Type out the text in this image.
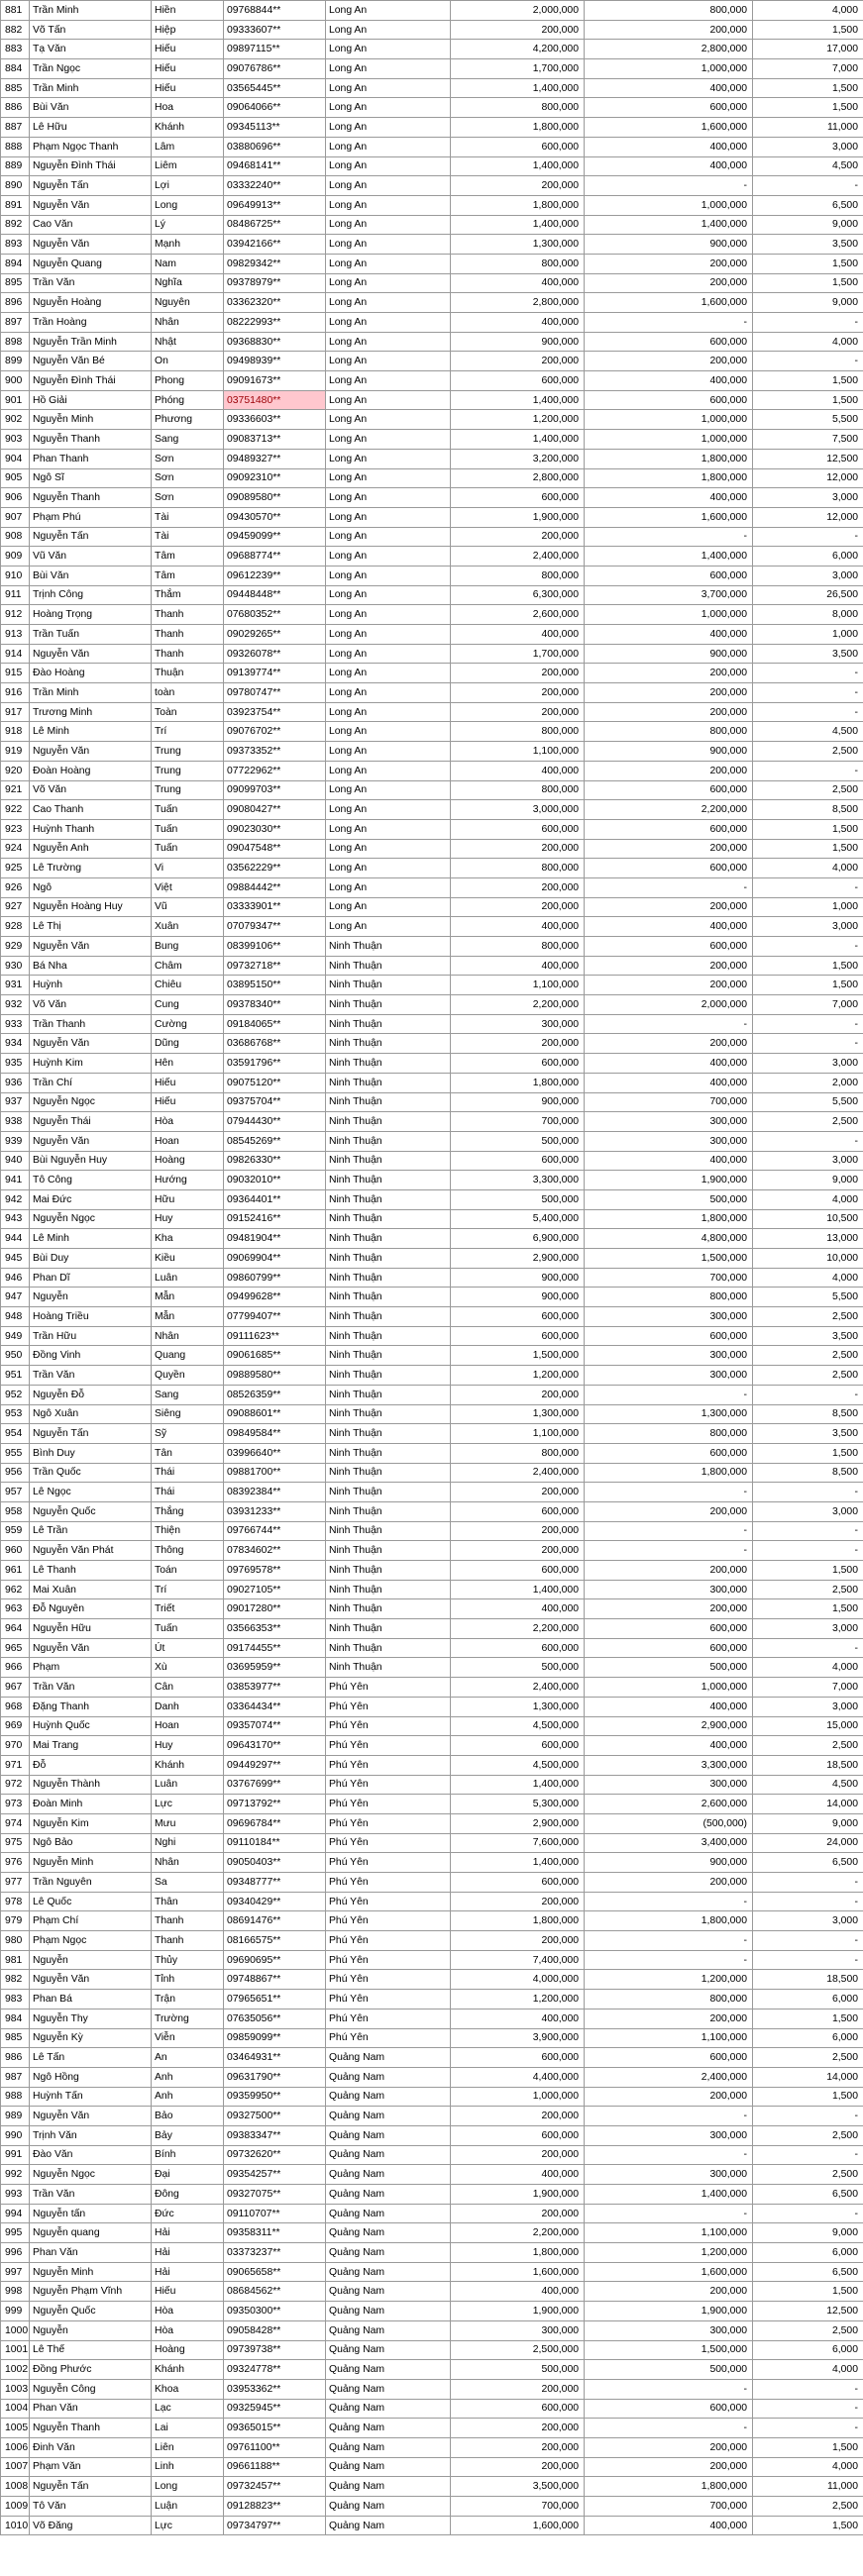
881	Trần Minh	Hiền	09768844**	Long An	2,000,000	800,000	4,000
882	Võ Tấn	Hiệp	09333607**	Long An	200,000	200,000	1,500
883	Tạ Văn	Hiếu	09897115**	Long An	4,200,000	2,800,000	17,000
884	Trần Ngọc	Hiếu	09076786**	Long An	1,700,000	1,000,000	7,000
885	Trần Minh	Hiếu	03565445**	Long An	1,400,000	400,000	1,500
886	Bùi Văn	Hoa	09064066**	Long An	800,000	600,000	1,500
887	Lê Hữu	Khánh	09345113**	Long An	1,800,000	1,600,000	11,000
888	Phạm Ngọc Thanh	Lâm	03880696**	Long An	600,000	400,000	3,000
889	Nguyễn Đình Thái	Liêm	09468141**	Long An	1,400,000	400,000	4,500
890	Nguyễn Tấn	Lợi	03332240**	Long An	200,000	-	-
891	Nguyễn Văn	Long	09649913**	Long An	1,800,000	1,000,000	6,500
892	Cao Văn	Lý	08486725**	Long An	1,400,000	1,400,000	9,000
893	Nguyễn Văn	Mạnh	03942166**	Long An	1,300,000	900,000	3,500
894	Nguyễn Quang	Nam	09829342**	Long An	800,000	200,000	1,500
895	Trần Văn	Nghĩa	09378979**	Long An	400,000	200,000	1,500
896	Nguyễn Hoàng	Nguyên	03362320**	Long An	2,800,000	1,600,000	9,000
897	Trần Hoàng	Nhân	08222993**	Long An	400,000	-	-
898	Nguyễn Trần Minh	Nhật	09368830**	Long An	900,000	600,000	4,000
899	Nguyễn Văn Bé	On	09498939**	Long An	200,000	200,000	-
900	Nguyễn Đình Thái	Phong	09091673**	Long An	600,000	400,000	1,500
901	Hồ Giải	Phóng	03751480**	Long An	1,400,000	600,000	1,500
902	Nguyễn Minh	Phương	09336603**	Long An	1,200,000	1,000,000	5,500
903	Nguyễn Thanh	Sang	09083713**	Long An	1,400,000	1,000,000	7,500
904	Phan Thanh	Sơn	09489327**	Long An	3,200,000	1,800,000	12,500
905	Ngô Sĩ	Sơn	09092310**	Long An	2,800,000	1,800,000	12,000
906	Nguyễn Thanh	Sơn	09089580**	Long An	600,000	400,000	3,000
907	Phạm Phú	Tài	09430570**	Long An	1,900,000	1,600,000	12,000
908	Nguyễn Tấn	Tài	09459099**	Long An	200,000	-	-
909	Vũ Văn	Tâm	09688774**	Long An	2,400,000	1,400,000	6,000
910	Bùi Văn	Tâm	09612239**	Long An	800,000	600,000	3,000
911	Trịnh Công	Thắm	09448448**	Long An	6,300,000	3,700,000	26,500
912	Hoàng Trọng	Thanh	07680352**	Long An	2,600,000	1,000,000	8,000
913	Trần Tuấn	Thanh	09029265**	Long An	400,000	400,000	1,000
914	Nguyễn Văn	Thanh	09326078**	Long An	1,700,000	900,000	3,500
915	Đào Hoàng	Thuận	09139774**	Long An	200,000	200,000	-
916	Trần Minh	toàn	09780747**	Long An	200,000	200,000	-
917	Trương Minh	Toàn	03923754**	Long An	200,000	200,000	-
918	Lê Minh	Trí	09076702**	Long An	800,000	800,000	4,500
919	Nguyễn Văn	Trung	09373352**	Long An	1,100,000	900,000	2,500
920	Đoàn Hoàng	Trung	07722962**	Long An	400,000	200,000	-
921	Võ Văn	Trung	09099703**	Long An	800,000	600,000	2,500
922	Cao Thanh	Tuấn	09080427**	Long An	3,000,000	2,200,000	8,500
923	Huỳnh Thanh	Tuấn	09023030**	Long An	600,000	600,000	1,500
924	Nguyễn Anh	Tuấn	09047548**	Long An	200,000	200,000	1,500
925	Lê Trường	Vi	03562229**	Long An	800,000	600,000	4,000
926	Ngô	Việt	09884442**	Long An	200,000	-	-
927	Nguyễn Hoàng Huy	Vũ	03333901**	Long An	200,000	200,000	1,000
928	Lê Thị	Xuân	07079347**	Long An	400,000	400,000	3,000
929	Nguyễn Văn	Bung	08399106**	Ninh Thuận	800,000	600,000	-
930	Bá Nha	Châm	09732718**	Ninh Thuận	400,000	200,000	1,500
931	Huỳnh	Chiêu	03895150**	Ninh Thuận	1,100,000	200,000	1,500
932	Võ Văn	Cung	09378340**	Ninh Thuận	2,200,000	2,000,000	7,000
933	Trần Thanh	Cường	09184065**	Ninh Thuận	300,000	-	-
934	Nguyễn Văn	Dũng	03686768**	Ninh Thuận	200,000	200,000	-
935	Huỳnh Kim	Hên	03591796**	Ninh Thuận	600,000	400,000	3,000
936	Trần Chí	Hiếu	09075120**	Ninh Thuận	1,800,000	400,000	2,000
937	Nguyễn Ngọc	Hiếu	09375704**	Ninh Thuận	900,000	700,000	5,500
938	Nguyễn Thái	Hòa	07944430**	Ninh Thuận	700,000	300,000	2,500
939	Nguyễn Văn	Hoan	08545269**	Ninh Thuận	500,000	300,000	-
940	Bùi Nguyễn Huy	Hoàng	09826330**	Ninh Thuận	600,000	400,000	3,000
941	Tô Công	Hướng	09032010**	Ninh Thuận	3,300,000	1,900,000	9,000
942	Mai Đức	Hữu	09364401**	Ninh Thuận	500,000	500,000	4,000
943	Nguyễn Ngọc	Huy	09152416**	Ninh Thuận	5,400,000	1,800,000	10,500
944	Lê Minh	Kha	09481904**	Ninh Thuận	6,900,000	4,800,000	13,000
945	Bùi Duy	Kiều	09069904**	Ninh Thuận	2,900,000	1,500,000	10,000
946	Phan Dĩ	Luân	09860799**	Ninh Thuận	900,000	700,000	4,000
947	Nguyễn	Mẫn	09499628**	Ninh Thuận	900,000	800,000	5,500
948	Hoàng Triều	Mẫn	07799407**	Ninh Thuận	600,000	300,000	2,500
949	Trần Hữu	Nhân	09111623**	Ninh Thuận	600,000	600,000	3,500
950	Đồng Vinh	Quang	09061685**	Ninh Thuận	1,500,000	300,000	2,500
951	Trần Văn	Quyền	09889580**	Ninh Thuận	1,200,000	300,000	2,500
952	Nguyễn Đỗ	Sang	08526359**	Ninh Thuận	200,000	-	-
953	Ngô Xuân	Siêng	09088601**	Ninh Thuận	1,300,000	1,300,000	8,500
954	Nguyễn Tấn	Sỹ	09849584**	Ninh Thuận	1,100,000	800,000	3,500
955	Bình Duy	Tân	03996640**	Ninh Thuận	800,000	600,000	1,500
956	Trần Quốc	Thái	09881700**	Ninh Thuận	2,400,000	1,800,000	8,500
957	Lê Ngọc	Thái	08392384**	Ninh Thuận	200,000	-	-
958	Nguyễn Quốc	Thắng	03931233**	Ninh Thuận	600,000	200,000	3,000
959	Lê Trần	Thiện	09766744**	Ninh Thuận	200,000	-	-
960	Nguyễn Văn Phát	Thông	07834602**	Ninh Thuận	200,000	-	-
961	Lê Thanh	Toán	09769578**	Ninh Thuận	600,000	200,000	1,500
962	Mai Xuân	Trí	09027105**	Ninh Thuận	1,400,000	300,000	2,500
963	Đỗ Nguyên	Triết	09017280**	Ninh Thuận	400,000	200,000	1,500
964	Nguyễn Hữu	Tuấn	03566353**	Ninh Thuận	2,200,000	600,000	3,000
965	Nguyễn Văn	Út	09174455**	Ninh Thuận	600,000	600,000	-
966	Phạm	Xù	03695959**	Ninh Thuận	500,000	500,000	4,000
967	Trần Văn	Cân	03853977**	Phú Yên	2,400,000	1,000,000	7,000
968	Đặng Thanh	Danh	03364434**	Phú Yên	1,300,000	400,000	3,000
969	Huỳnh Quốc	Hoan	09357074**	Phú Yên	4,500,000	2,900,000	15,000
970	Mai Trang	Huy	09643170**	Phú Yên	600,000	400,000	2,500
971	Đỗ	Khánh	09449297**	Phú Yên	4,500,000	3,300,000	18,500
972	Nguyễn Thành	Luân	03767699**	Phú Yên	1,400,000	300,000	4,500
973	Đoàn Minh	Lực	09713792**	Phú Yên	5,300,000	2,600,000	14,000
974	Nguyễn Kim	Mưu	09696784**	Phú Yên	2,900,000	(500,000)	9,000
975	Ngô Bảo	Nghi	09110184**	Phú Yên	7,600,000	3,400,000	24,000
976	Nguyễn Minh	Nhân	09050403**	Phú Yên	1,400,000	900,000	6,500
977	Trần Nguyên	Sa	09348777**	Phú Yên	600,000	200,000	-
978	Lê Quốc	Thân	09340429**	Phú Yên	200,000	-	-
979	Phạm Chí	Thanh	08691476**	Phú Yên	1,800,000	1,800,000	3,000
980	Phạm Ngọc	Thanh	08166575**	Phú Yên	200,000	-	-
981	Nguyễn	Thủy	09690695**	Phú Yên	7,400,000	-	-
982	Nguyễn Văn	Tỉnh	09748867**	Phú Yên	4,000,000	1,200,000	18,500
983	Phan Bá	Trận	07965651**	Phú Yên	1,200,000	800,000	6,000
984	Nguyễn Thy	Trường	07635056**	Phú Yên	400,000	200,000	1,500
985	Nguyễn Kỳ	Viễn	09859099**	Phú Yên	3,900,000	1,100,000	6,000
986	Lê Tấn	An	03464931**	Quảng Nam	600,000	600,000	2,500
987	Ngô Hồng	Anh	09631790**	Quảng Nam	4,400,000	2,400,000	14,000
988	Huỳnh Tấn	Anh	09359950**	Quảng Nam	1,000,000	200,000	1,500
989	Nguyễn Văn	Bảo	09327500**	Quảng Nam	200,000	-	-
990	Trịnh Văn	Bảy	09383347**	Quảng Nam	600,000	300,000	2,500
991	Đào Văn	Bính	09732620**	Quảng Nam	200,000	-	-
992	Nguyễn Ngọc	Đại	09354257**	Quảng Nam	400,000	300,000	2,500
993	Trần Văn	Đông	09327075**	Quảng Nam	1,900,000	1,400,000	6,500
994	Nguyễn tấn	Đức	09110707**	Quảng Nam	200,000	-	-
995	Nguyễn quang	Hải	09358311**	Quảng Nam	2,200,000	1,100,000	9,000
996	Phan Văn	Hải	03373237**	Quảng Nam	1,800,000	1,200,000	6,000
997	Nguyễn Minh	Hải	09065658**	Quảng Nam	1,600,000	1,600,000	6,500
998	Nguyễn Phạm Vĩnh	Hiếu	08684562**	Quảng Nam	400,000	200,000	1,500
999	Nguyễn Quốc	Hòa	09350300**	Quảng Nam	1,900,000	1,900,000	12,500
1000	Nguyễn	Hòa	09058428**	Quảng Nam	300,000	300,000	2,500
1001	Lê Thế	Hoàng	09739738**	Quảng Nam	2,500,000	1,500,000	6,000
1002	Đồng Phước	Khánh	09324778**	Quảng Nam	500,000	500,000	4,000
1003	Nguyễn Công	Khoa	03953362**	Quảng Nam	200,000	-	-
1004	Phan Văn	Lạc	09325945**	Quảng Nam	600,000	600,000	-
1005	Nguyễn Thanh	Lai	09365015**	Quảng Nam	200,000	-	-
1006	Đinh Văn	Liên	09761100**	Quảng Nam	200,000	200,000	1,500
1007	Phạm Văn	Linh	09661188**	Quảng Nam	200,000	200,000	4,000
1008	Nguyễn Tấn	Long	09732457**	Quảng Nam	3,500,000	1,800,000	11,000
1009	Tô Văn	Luận	09128823**	Quảng Nam	700,000	700,000	2,500
1010	Võ Đăng	Lực	09734797**	Quảng Nam	1,600,000	400,000	1,500
